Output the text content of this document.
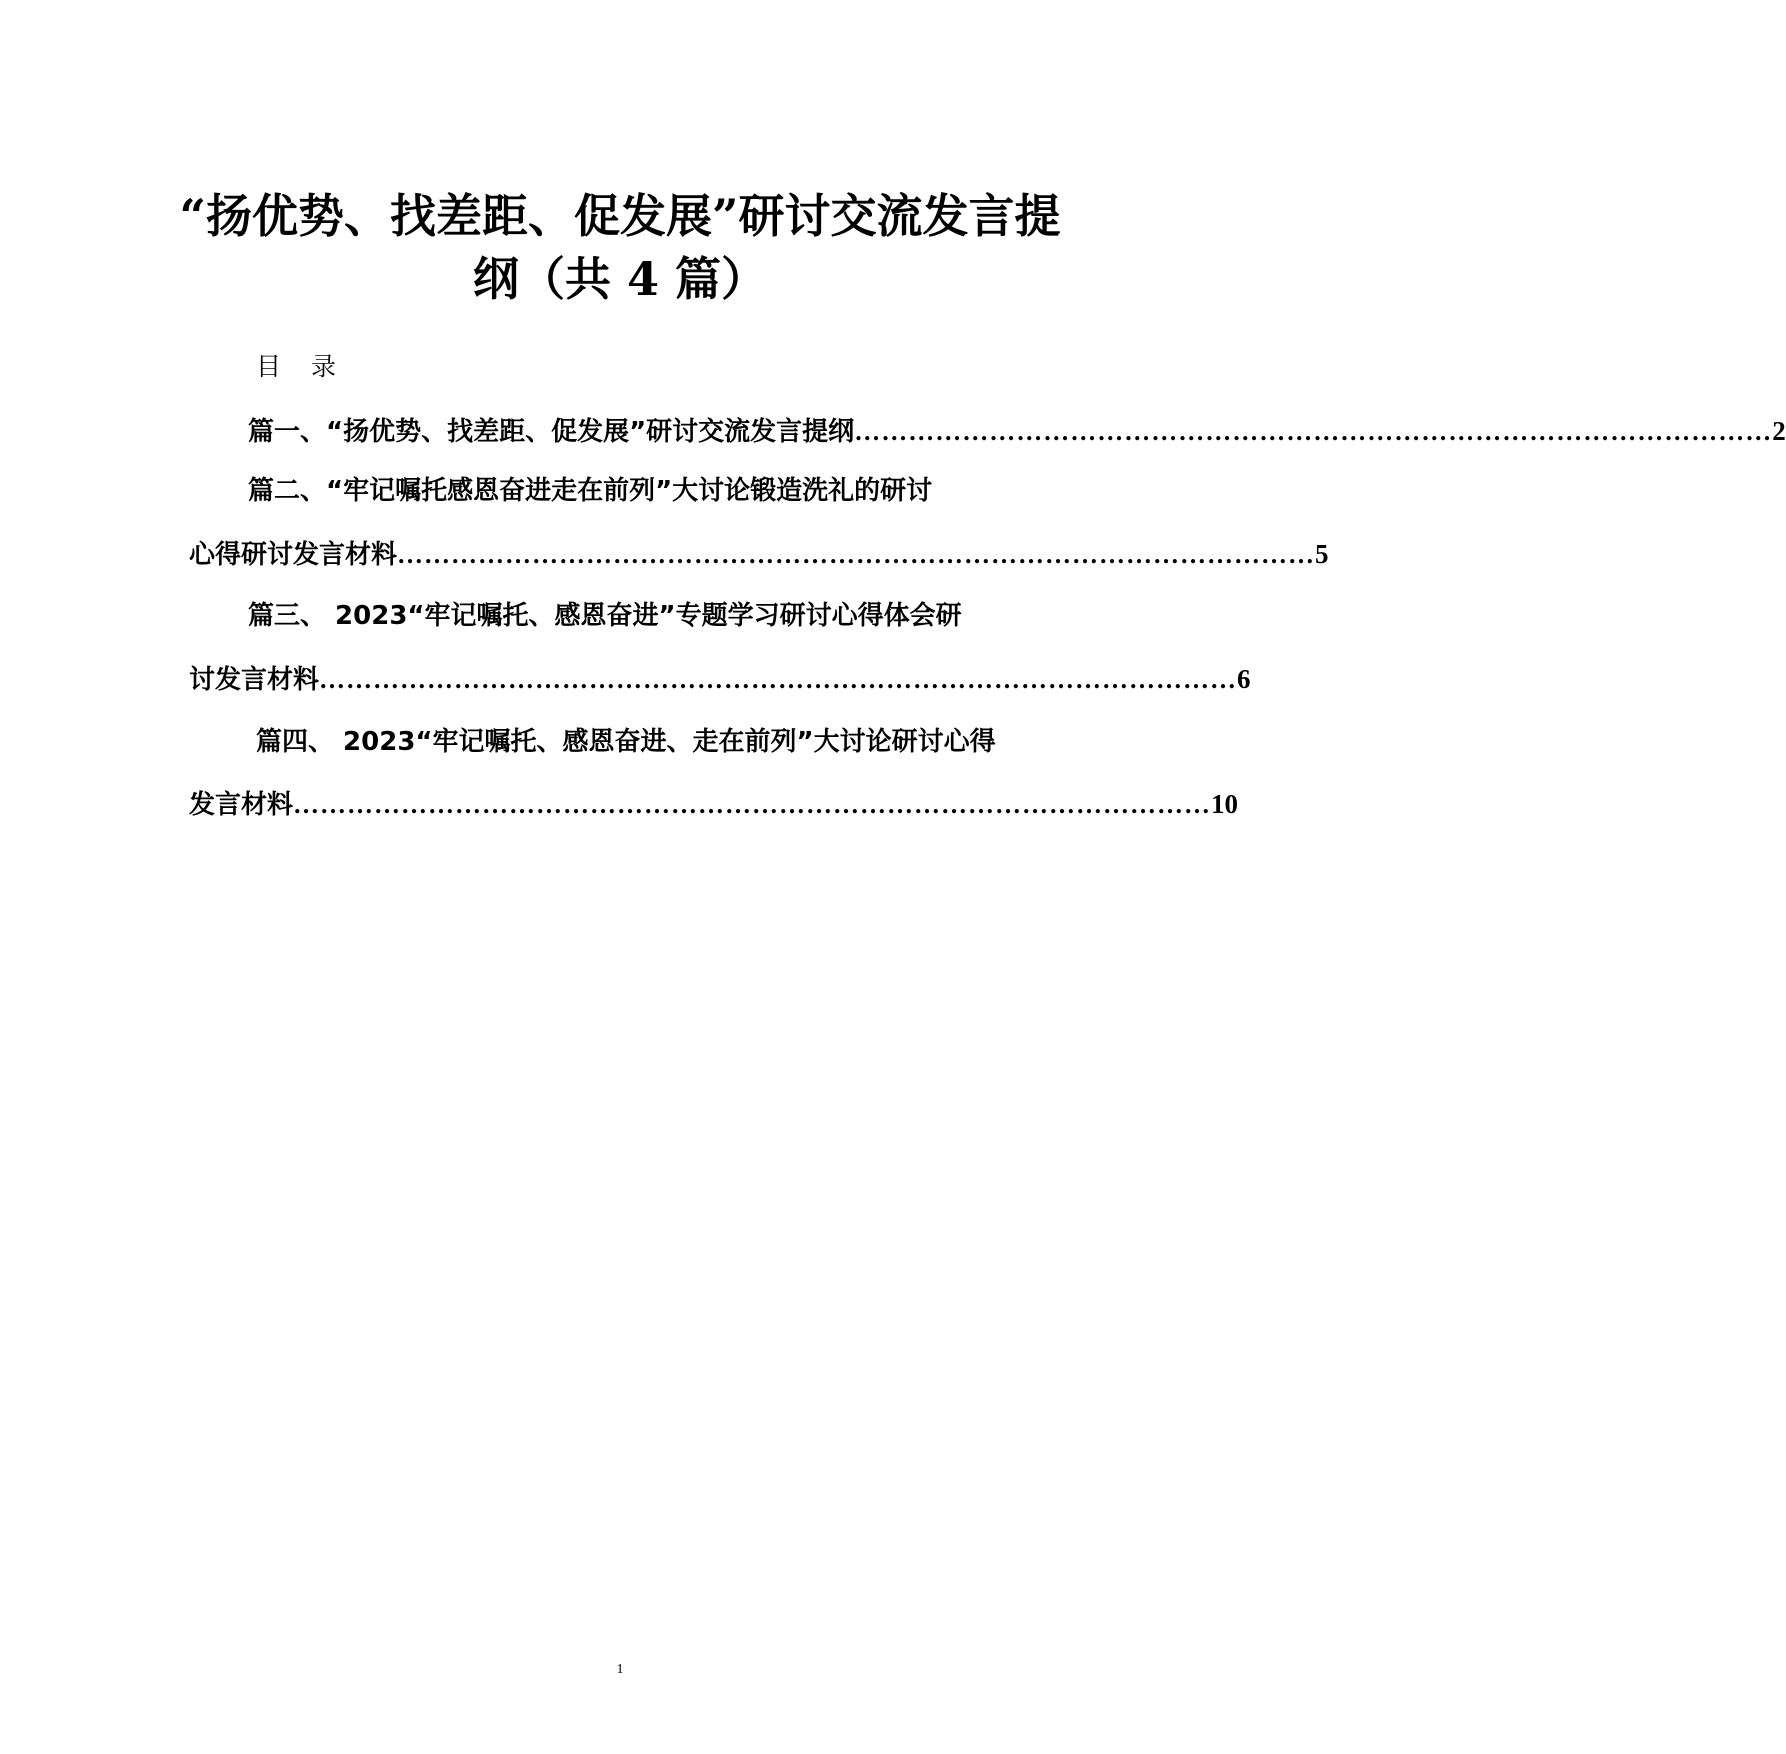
“扬优势、找差距、促发展”研讨交流发言提
纲（共 4 篇）
目录
篇一、“扬优势、找差距、促发展”研讨交流发言提纲 ………………………………………………………………………………………… 2
篇二、“牢记嘱托感恩奋进走在前列”大讨论锻造洗礼的研讨
心得研讨发言材料 ………………………………………………………………………………………… 5
篇三、 2023“牢记嘱托、感恩奋进”专题学习研讨心得体会研
讨发言材料 ………………………………………………………………………………………… 6
篇四、 2023“牢记嘱托、感恩奋进、走在前列”大讨论研讨心得
发言材料 ………………………………………………………………………………………… 10
1
